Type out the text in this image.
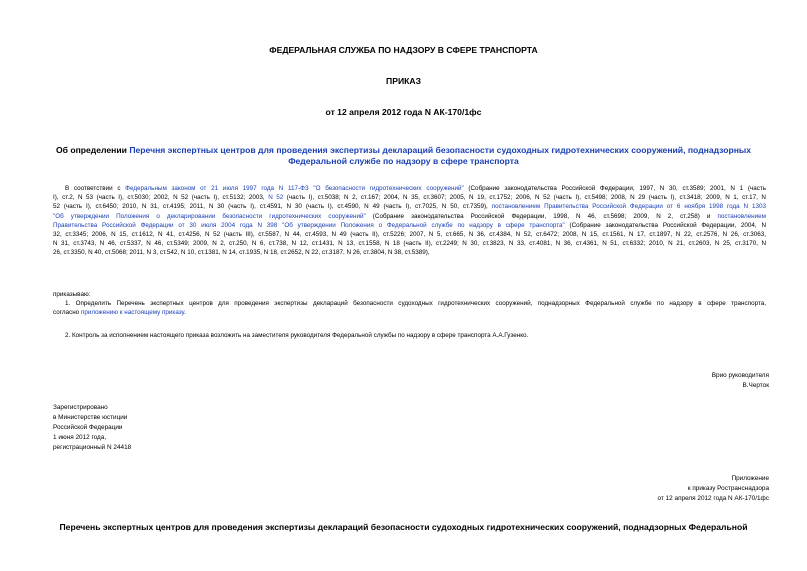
ФЕДЕРАЛЬНАЯ СЛУЖБА ПО НАДЗОРУ В СФЕРЕ ТРАНСПОРТА
ПРИКАЗ
от 12 апреля 2012 года N АК-170/1фс
Об определении Перечня экспертных центров для проведения экспертизы деклараций безопасности судоходных гидротехнических сооружений, поднадзорных
Федеральной службе по надзору в сфере транспорта
В соответствии с Федеральным законом от 21 июля 1997 года N 117-ФЗ "О безопасности гидротехнических сооружений" (Собрание законодательства Российской Федерации, 1997, N 30, ст.3589; 2001, N 1 (часть
I), ст.2, N 53 (часть I), ст.5030; 2002, N 52 (часть I), ст.5132; 2003, N 52 (часть I), ст.5038; N 2, ст.167; 2004, N 35, ст.3607; 2005, N 19, ст.1752; 2006, N 52 (часть I), ст.5498; 2008, N 29 (часть I), ст.3418; 2009, N 1, ст.17, N
52 (часть I), ст.6450; 2010, N 31, ст.4195; 2011, N 30 (часть I), ст.4591, N 30 (часть I), ст.4590, N 49 (часть I), ст.7025, N 50, ст.7359), постановлением Правительства Российской Федерации от 6 ноября 1998 года N 1303
"Об утверждении Положения о декларировании безопасности гидротехнических сооружений" (Собрание законодательства Российской Федерации, 1998, N 46, ст.5698; 2009, N 2, ст.258) и постановлением
Правительства Российской Федерации от 30 июля 2004 года N 398 "Об утверждении Положения о Федеральной службе по надзору в сфере транспорта" (Собрание законодательства Российской Федерации, 2004, N
32, ст.3345; 2006, N 15, ст.1612, N 41, ст.4256, N 52 (часть III), ст.5587, N 44, ст.4593, N 49 (часть II), ст.5226; 2007, N 5, ст.665, N 36, ст.4384, N 52, ст.6472; 2008, N 15, ст.1561, N 17, ст.1897, N 22, ст.2576, N 26, ст.3063,
N 31, ст.3743, N 46, ст.5337, N 46, ст.5349; 2009, N 2, ст.250, N 6, ст.738, N 12, ст.1431, N 13, ст.1558, N 18 (часть II), ст.2249; N 30, ст.3823, N 33, ст.4081, N 36, ст.4361, N 51, ст.6332; 2010, N 21, ст.2603, N 25, ст.3170, N
26, ст.3350, N 40, ст.5068; 2011, N 3, ст.542, N 10, ст.1381, N 14, ст.1935, N 18, ст.2652, N 22, ст.3187, N 26, ст.3804, N 38, ст.5389),
приказываю:
1. Определить Перечень экспертных центров для проведения экспертизы деклараций безопасности судоходных гидротехнических сооружений, поднадзорных Федеральной службе по надзору в сфере транспорта,
согласно приложению к настоящему приказу.
2. Контроль за исполнением настоящего приказа возложить на заместителя руководителя Федеральной службы по надзору в сфере транспорта А.А.Гузенко.
Врио руководителя
В.Черток
Зарегистрировано
в Министерстве юстиции
Российской Федерации
1 июня 2012 года,
регистрационный N 24418
Приложение
к приказу Ространснадзора
от 12 апреля 2012 года N АК-170/1фс
Перечень экспертных центров для проведения экспертизы деклараций безопасности судоходных гидротехнических сооружений, поднадзорных Федеральной
